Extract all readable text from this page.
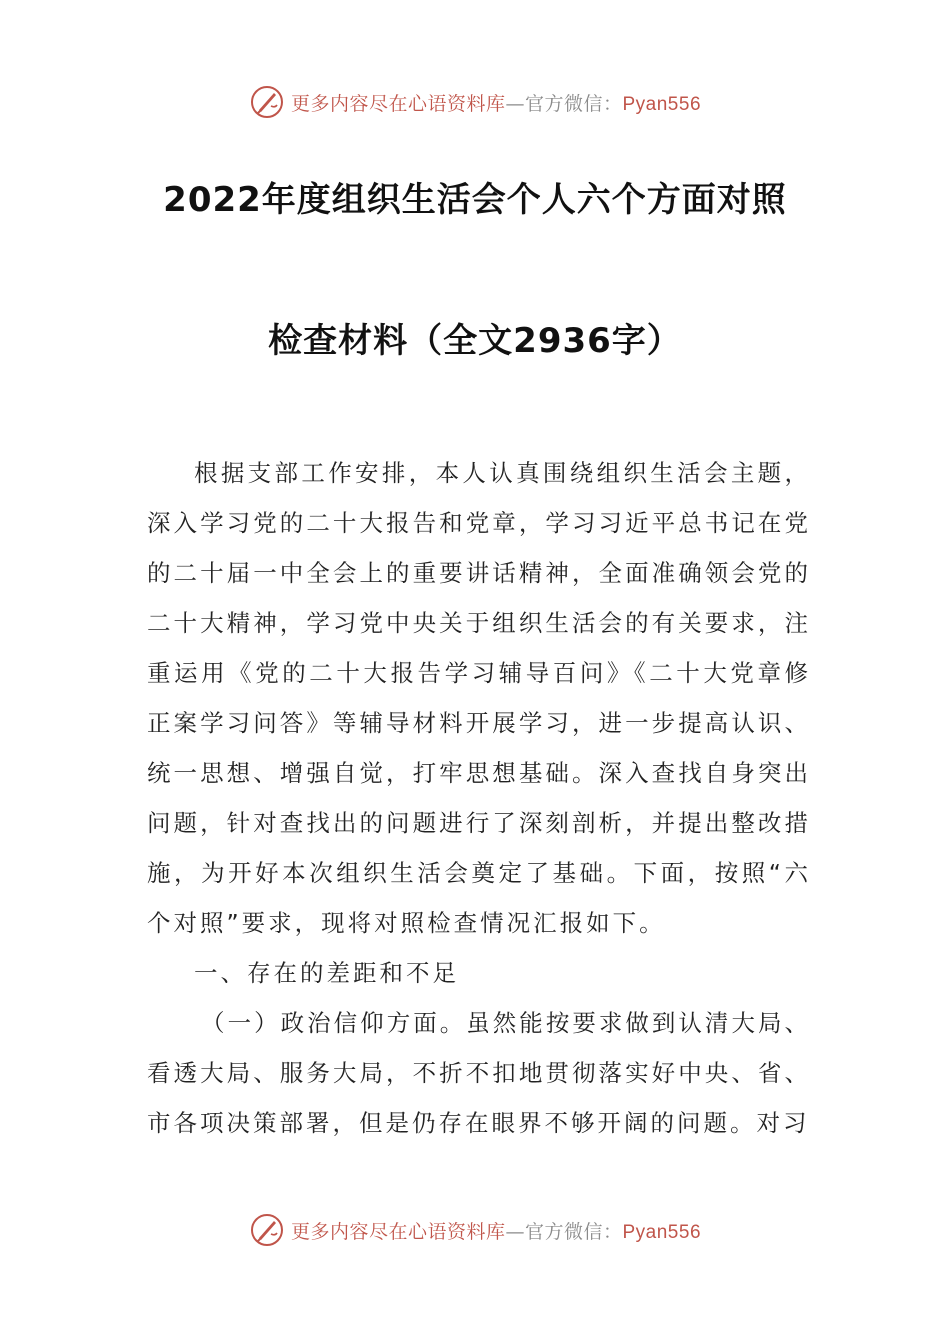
更多内容尽在心语资料库—官方微信：Pyan556
2022年度组织生活会个人六个方面对照
检查材料（全文2936字）

根据支部工作安排，本人认真围绕组织生活会主题，深入学习党的二十大报告和党章，学习习近平总书记在党的二十届一中全会上的重要讲话精神，全面准确领会党的二十大精神，学习党中央关于组织生活会的有关要求，注重运用《党的二十大报告学习辅导百问》《二十大党章修正案学习问答》等辅导材料开展学习，进一步提高认识、统一思想、增强自觉，打牢思想基础。深入查找自身突出问题，针对查找出的问题进行了深刻剖析，并提出整改措施，为开好本次组织生活会奠定了基础。下面，按照“六个对照”要求，现将对照检查情况汇报如下。

一、存在的差距和不足

（一）政治信仰方面。虽然能按要求做到认清大局、看透大局、服务大局，不折不扣地贯彻落实好中央、省、市各项决策部署，但是仍存在眼界不够开阔的问题。对习

更多内容尽在心语资料库—官方微信：Pyan556
